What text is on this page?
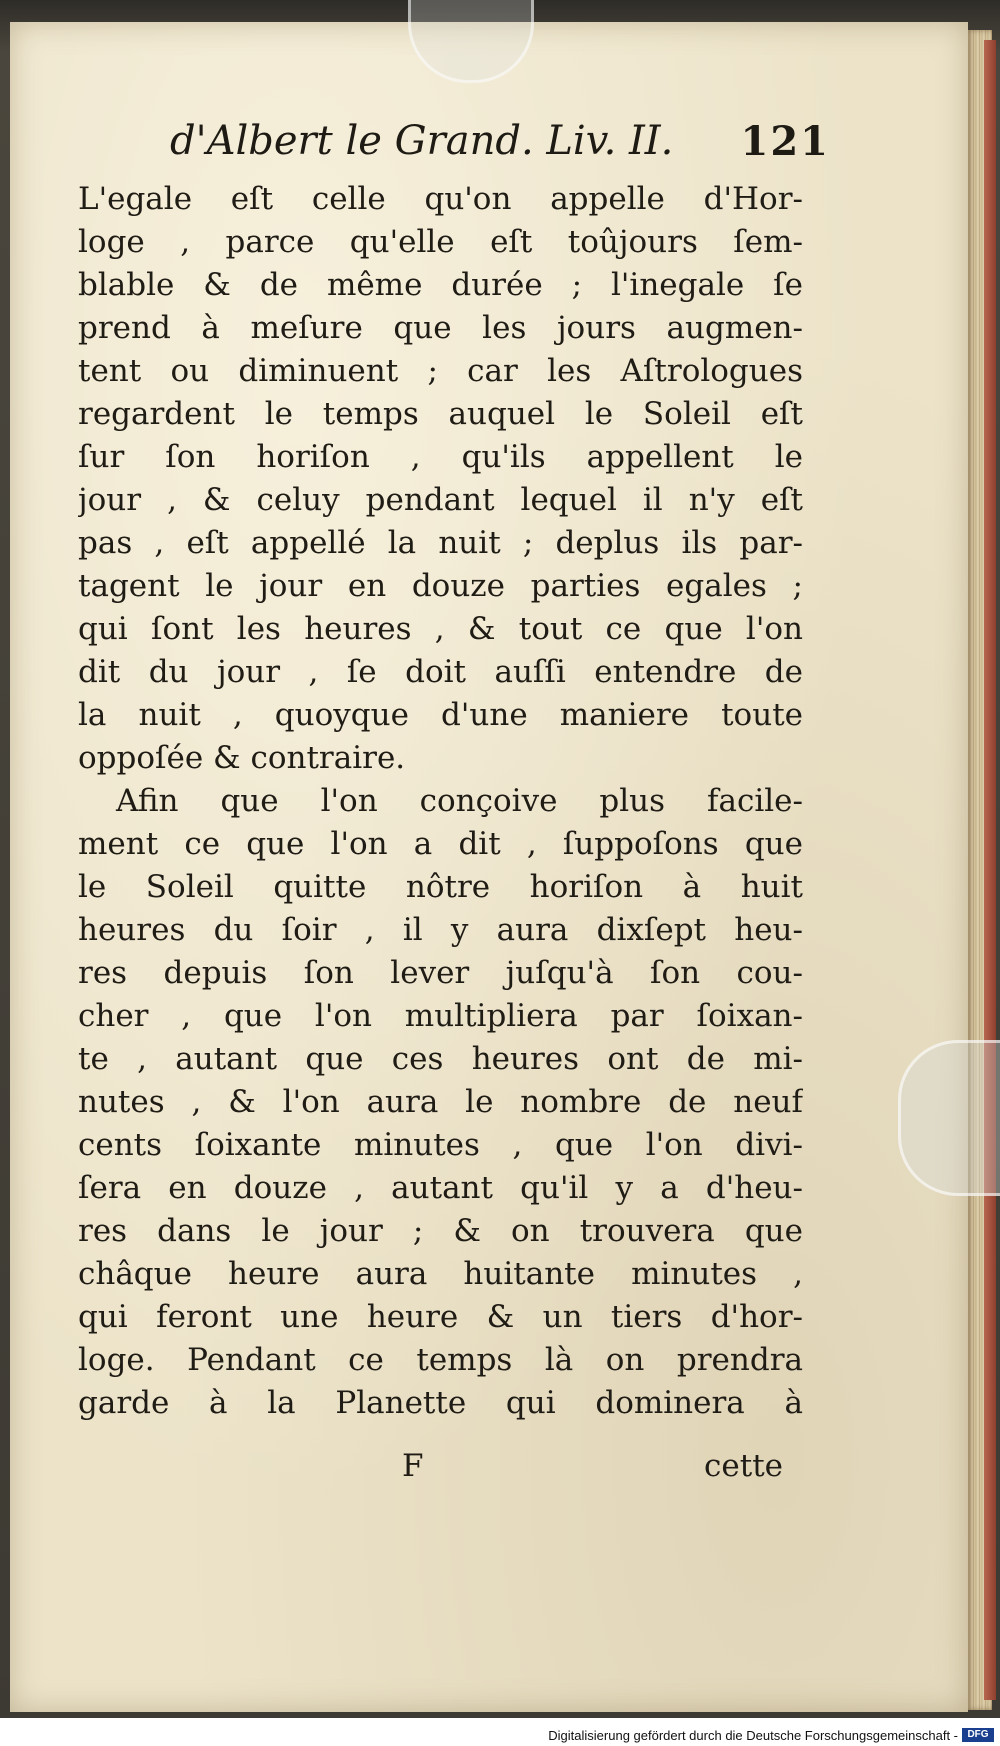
d'Albert le Grand. Liv. II. 121
L'egale eſt celle qu'on appelle d'Hor-
loge , parce qu'elle eſt toûjours ſem-
blable & de même durée ; l'inegale ſe
prend à meſure que les jours augmen-
tent ou diminuent ; car les Aſtrologues
regardent le temps auquel le Soleil eſt
ſur ſon horiſon , qu'ils appellent le
jour , & celuy pendant lequel il n'y eſt
pas , eſt appellé la nuit ; deplus ils par-
tagent le jour en douze parties egales ;
qui ſont les heures , & tout ce que l'on
dit du jour , ſe doit auſſi entendre de
la nuit , quoyque d'une maniere toute
oppoſée & contraire.
Afin que l'on conçoive plus facile-
ment ce que l'on a dit , ſuppoſons que
le Soleil quitte nôtre horiſon à huit
heures du ſoir , il y aura dixſept heu-
res depuis ſon lever juſqu'à ſon cou-
cher , que l'on multipliera par ſoixan-
te , autant que ces heures ont de mi-
nutes , & l'on aura le nombre de neuf
cents ſoixante minutes , que l'on divi-
ſera en douze , autant qu'il y a d'heu-
res dans le jour ; & on trouvera que
châque heure aura huitante minutes ,
qui feront une heure & un tiers d'hor-
loge. Pendant ce temps là on prendra
garde à la Planette qui dominera à
F	cette
Digitalisierung gefördert durch die Deutsche Forschungsgemeinschaft - DFG
